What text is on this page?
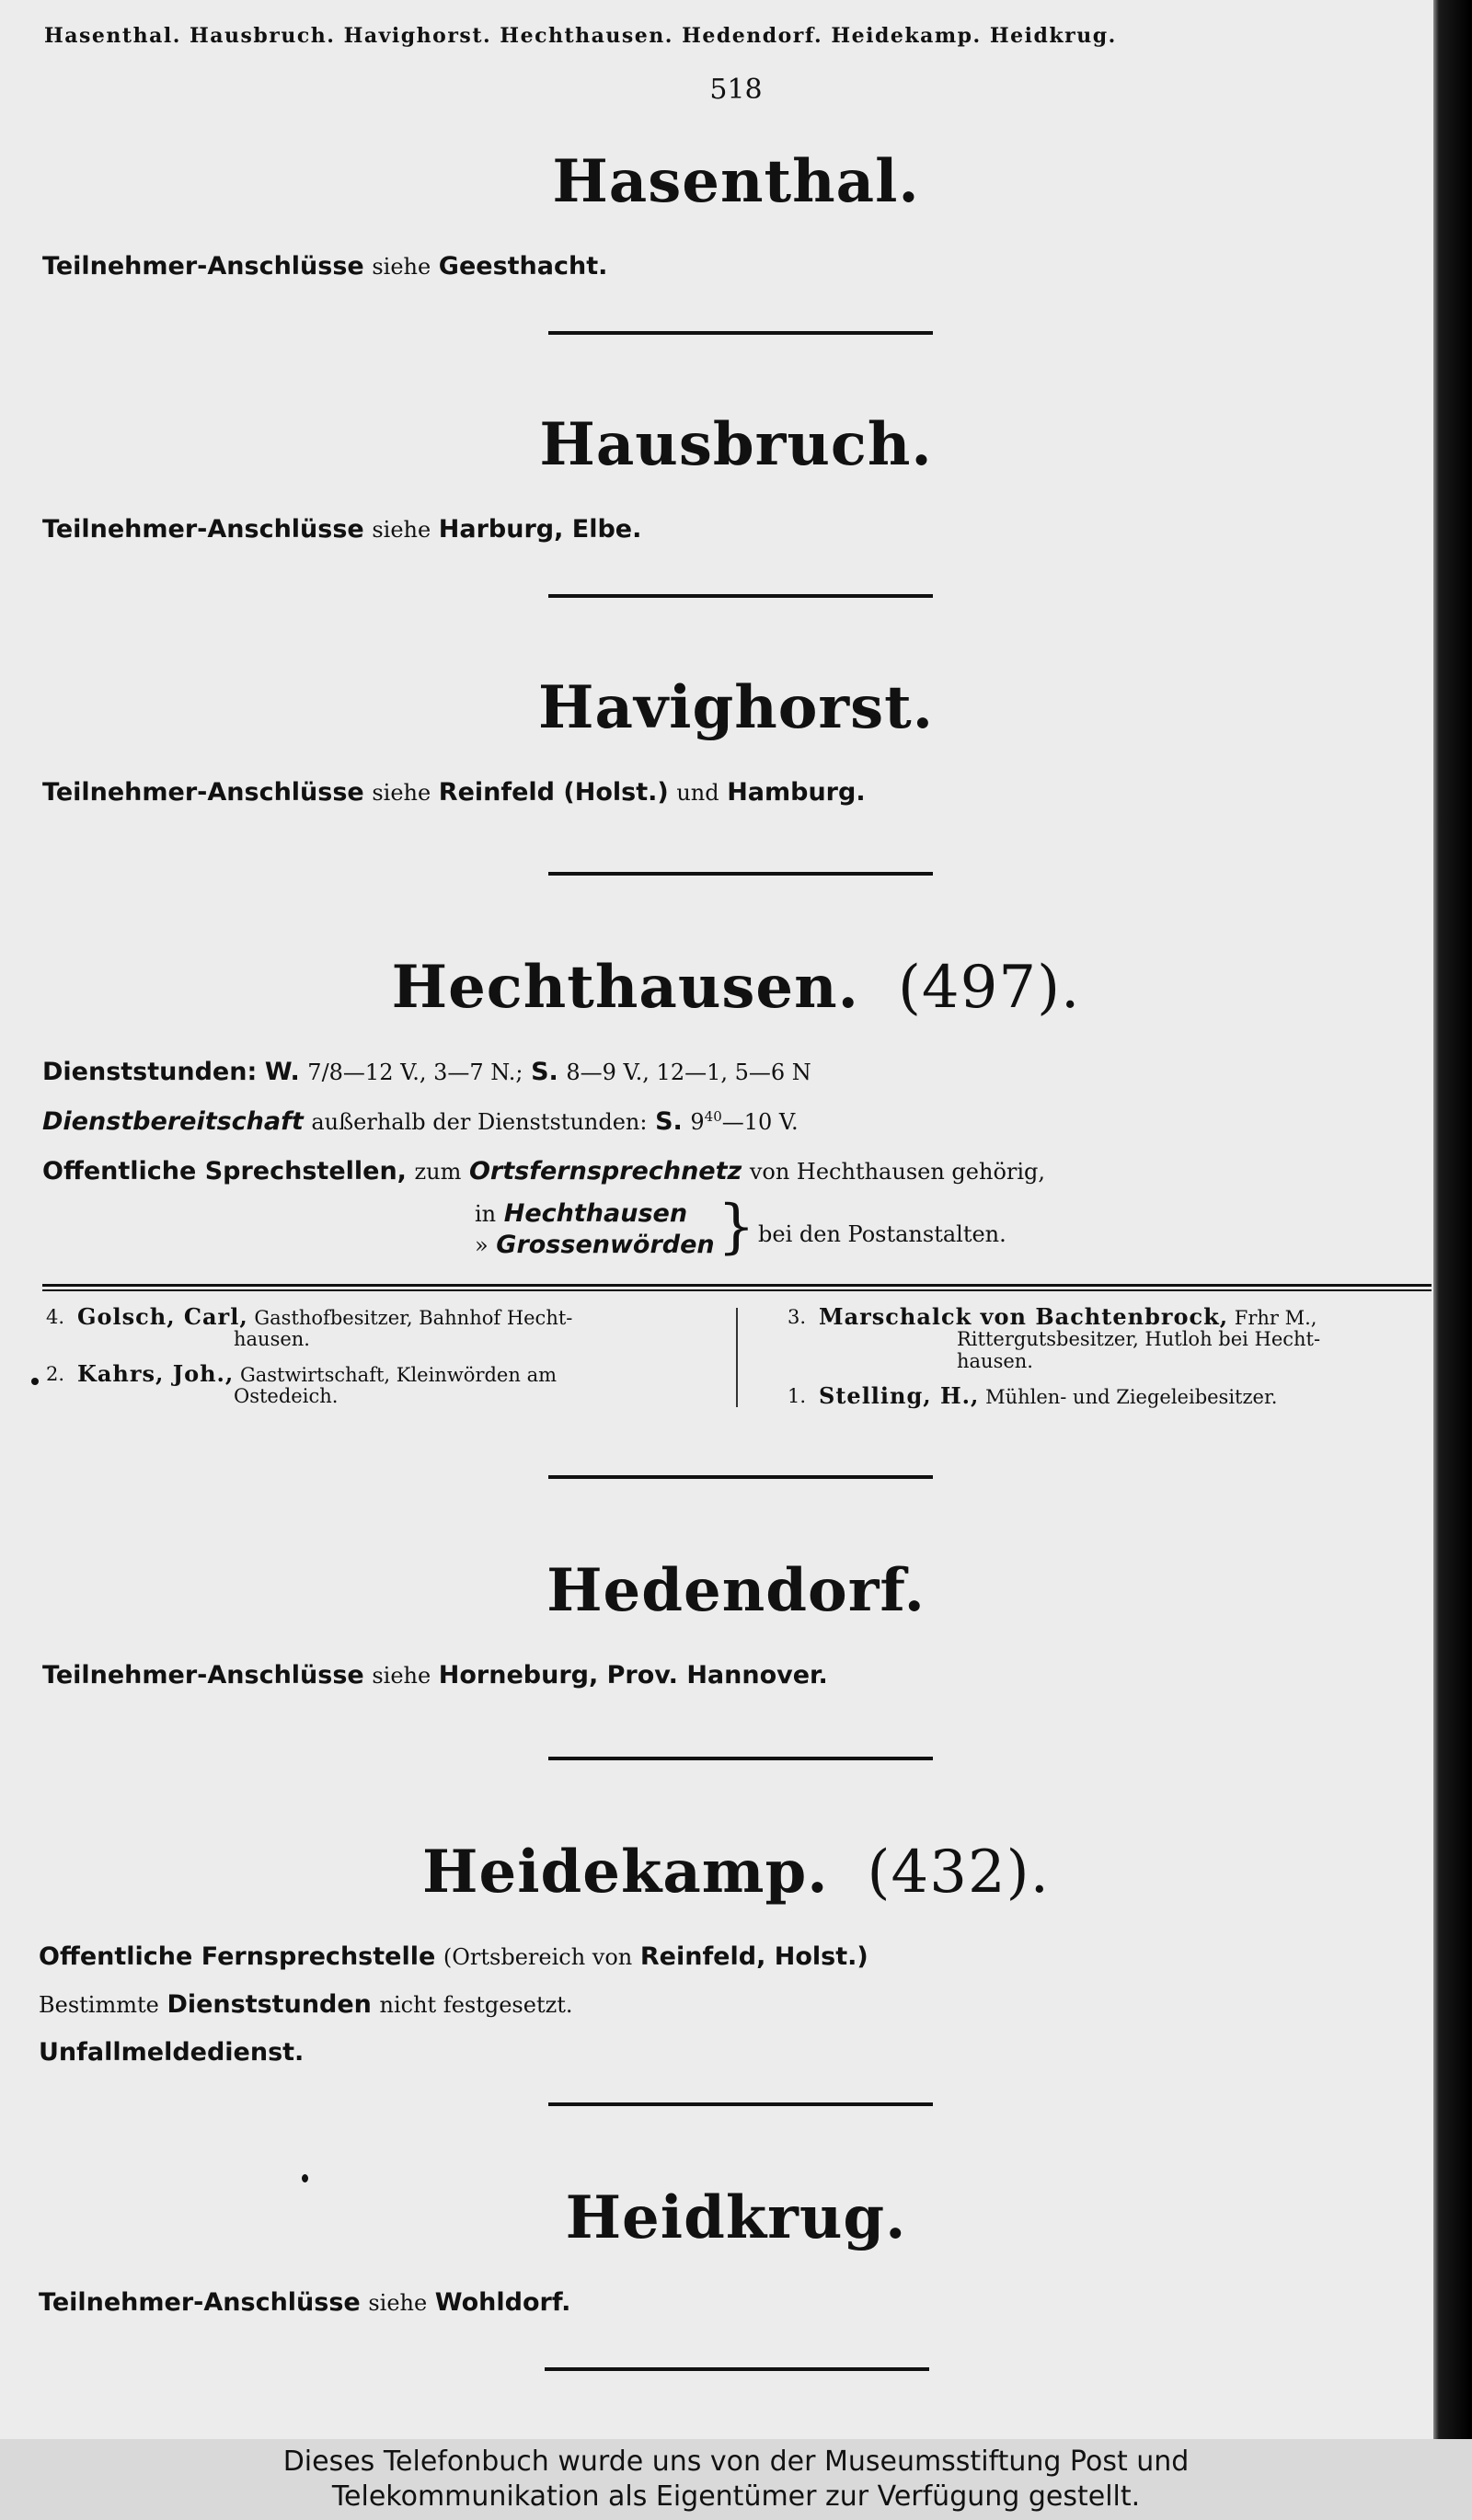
Hasenthal. Hausbruch. Havighorst. Hechthausen. Hedendorf. Heidekamp. Heidkrug.
518
Hasenthal.
Teilnehmer-Anschlüsse siehe Geesthacht.
Hausbruch.
Teilnehmer-Anschlüsse siehe Harburg, Elbe.
Havighorst.
Teilnehmer-Anschlüsse siehe Reinfeld (Holst.) und Hamburg.
Hechthausen. (497).
Dienststunden: W. 7/8—12 V., 3—7 N.; S. 8—9 V., 12—1, 5—6 N
Dienstbereitschaft außerhalb der Dienststunden: S. $9^{40}—10$ V.
Offentliche Sprechstellen, zum Ortsfernsprechnetz von Hechthausen gehörig,
in Hechthausen
» Grossenwörden } bei den Postanstalten.
4. Golsch, Carl, Gasthofbesitzer, Bahnhof Hecht-
hausen.
2. Kahrs, Joh., Gastwirtschaft, Kleinwörden am
Ostedeich.
3. Marschalck von Bachtenbrock, Frhr M.,
Rittergutsbesitzer, Hutloh bei Hecht-
hausen.
1. Stelling, H., Mühlen- und Ziegeleibesitzer.
Hedendorf.
Teilnehmer-Anschlüsse siehe Horneburg, Prov. Hannover.
Heidekamp. (432).
Offentliche Fernsprechstelle (Ortsbereich von Reinfeld, Holst.)
Bestimmte Dienststunden nicht festgesetzt.
Unfallmeldedienst.
Heidkrug.
Teilnehmer-Anschlüsse siehe Wohldorf.
Dieses Telefonbuch wurde uns von der Museumsstiftung Post und
Telekommunikation als Eigentümer zur Verfügung gestellt.
